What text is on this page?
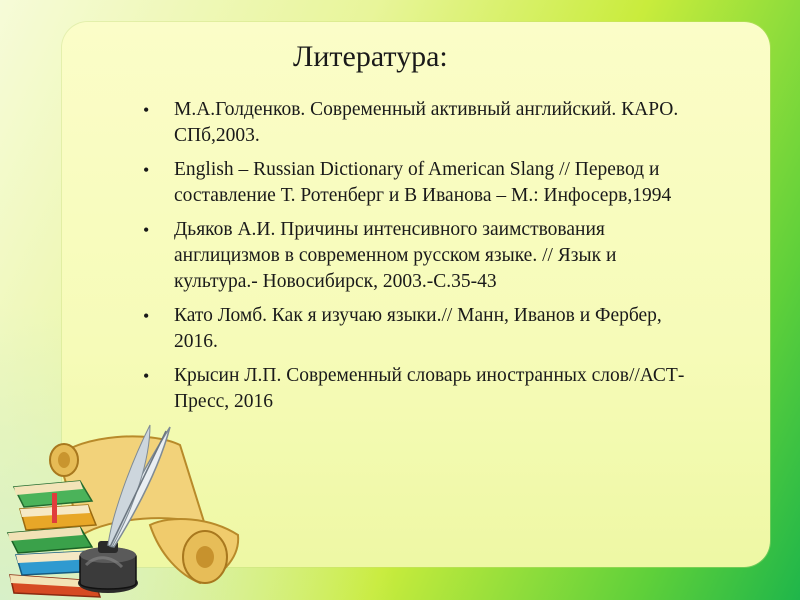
Литература:
• М.А.Голденков. Современный активный английский. КАРО. СПб,2003.
• English – Russian Dictionary of American Slang // Перевод и составление Т. Ротенберг и В Иванова – М.: Инфосерв,1994
• Дьяков А.И. Причины интенсивного заимствования англицизмов в современном русском языке. // Язык и культура.- Новосибирск, 2003.-С.35-43
• Като Ломб. Как я изучаю языки.// Манн, Иванов и Фербер, 2016.
• Крысин Л.П. Современный словарь иностранных слов//АСТ-Пресс, 2016
